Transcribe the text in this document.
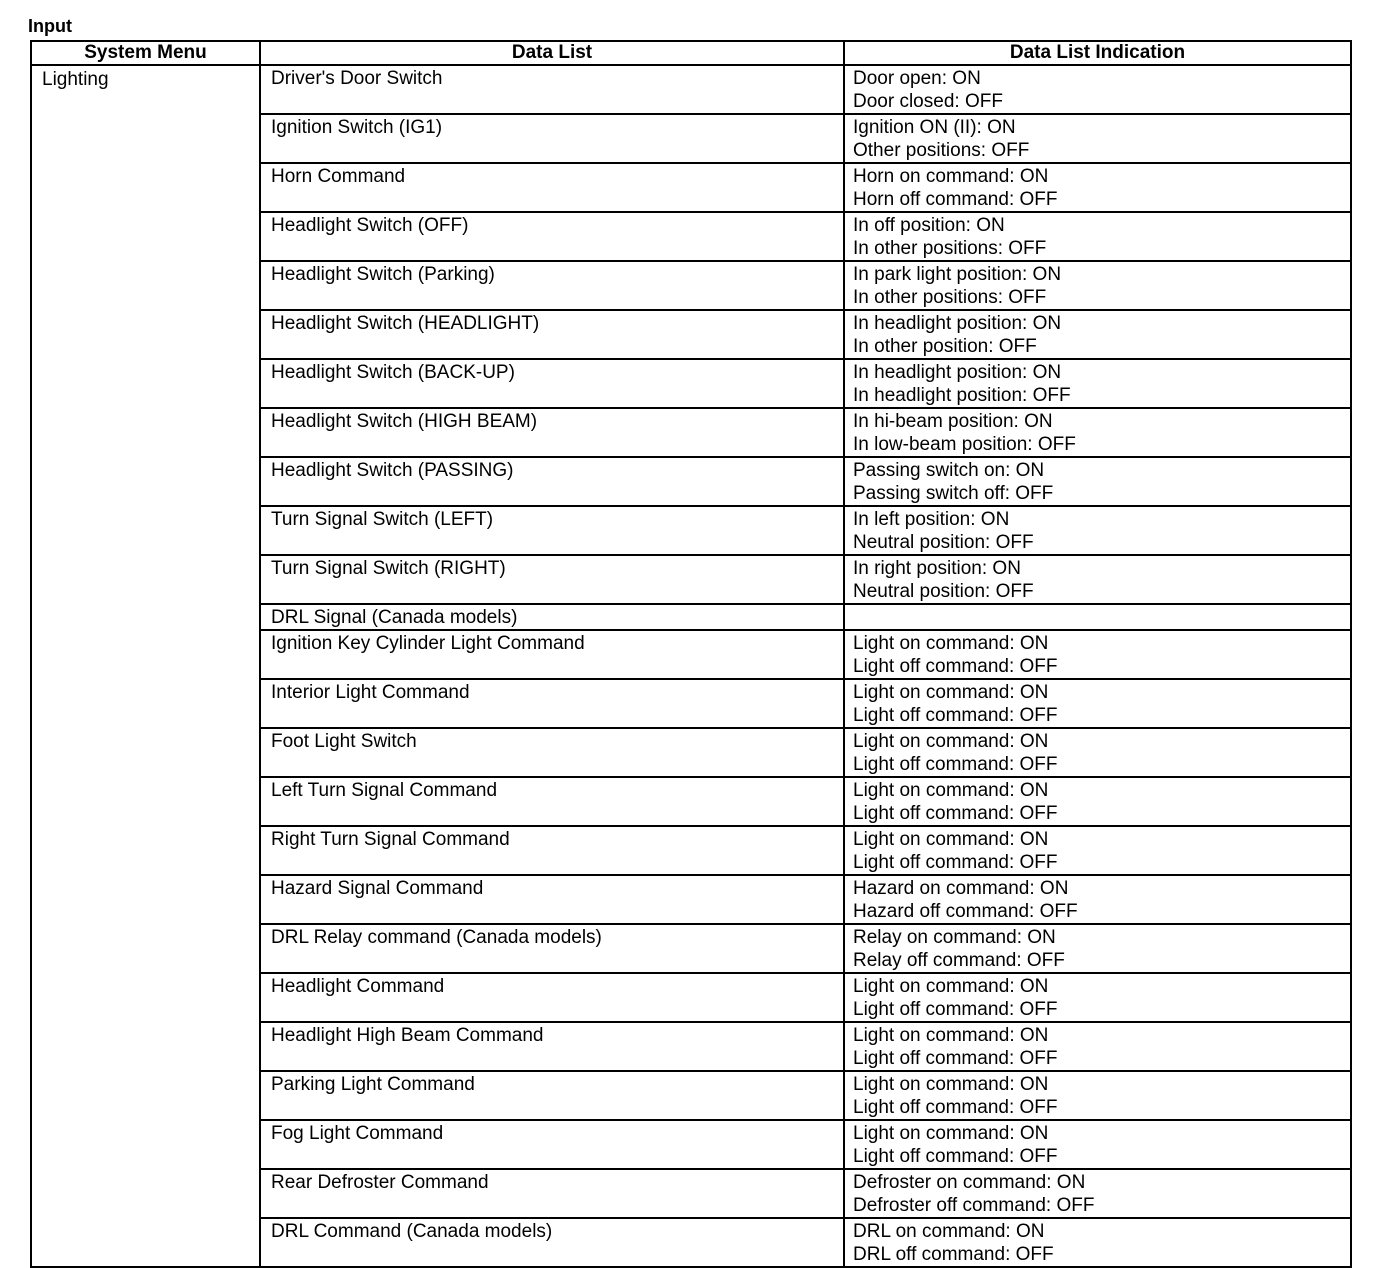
Input
System Menu	Data List	Data List Indication
Lighting	Driver's Door Switch	Door open: ON
Door closed: OFF

	Ignition Switch (IG1)	Ignition ON (II): ON
Other positions: OFF

	Horn Command	Horn on command: ON
Horn off command: OFF

	Headlight Switch (OFF)	In off position: ON
In other positions: OFF

	Headlight Switch (Parking)	In park light position: ON
In other positions: OFF

	Headlight Switch (HEADLIGHT)	In headlight position: ON
In other position: OFF

	Headlight Switch (BACK-UP)	In headlight position: ON
In headlight position: OFF

	Headlight Switch (HIGH BEAM)	In hi-beam position: ON
In low-beam position: OFF

	Headlight Switch (PASSING)	Passing switch on: ON
Passing switch off: OFF

	Turn Signal Switch (LEFT)	In left position: ON
Neutral position: OFF

	Turn Signal Switch (RIGHT)	In right position: ON
Neutral position: OFF

	DRL Signal (Canada models)	

	Ignition Key Cylinder Light Command	Light on command: ON
Light off command: OFF

	Interior Light Command	Light on command: ON
Light off command: OFF

	Foot Light Switch	Light on command: ON
Light off command: OFF

	Left Turn Signal Command	Light on command: ON
Light off command: OFF

	Right Turn Signal Command	Light on command: ON
Light off command: OFF

	Hazard Signal Command	Hazard on command: ON
Hazard off command: OFF

	DRL Relay command (Canada models)	Relay on command: ON
Relay off command: OFF

	Headlight Command	Light on command: ON
Light off command: OFF

	Headlight High Beam Command	Light on command: ON
Light off command: OFF

	Parking Light Command	Light on command: ON
Light off command: OFF

	Fog Light Command	Light on command: ON
Light off command: OFF

	Rear Defroster Command	Defroster on command: ON
Defroster off command: OFF

	DRL Command (Canada models)	DRL on command: ON
DRL off command: OFF
